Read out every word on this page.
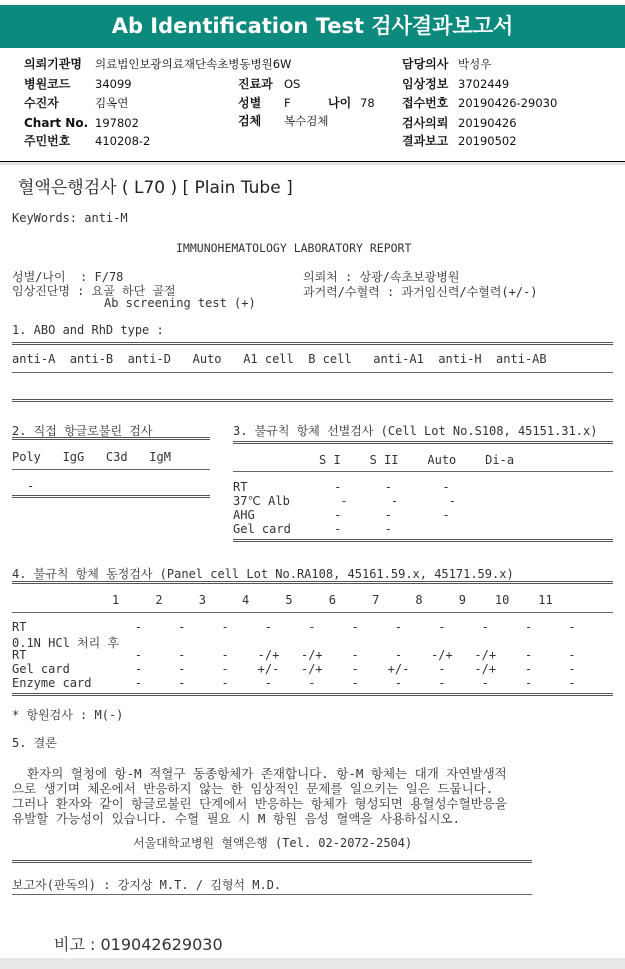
Ab Identification Test 검사결과보고서
의뢰기관명 의료법인보광의료재단속초병동병원6W	담당의사 박성우
병원코드 34099	진료과 OS	임상정보 3702449
수진자	김옥연	성별 F	나이 78 접수번호 20190426-29030
Chart No. 197802	검체 복수검체	검사의뢰 20190426
주민번호 410208-2	결과보고 20190502
혈액은행검사 ( L70 ) [ Plain Tube ]
KeyWords: anti-M
IMMUNOHEMATOLOGY LABORATORY REPORT
성별/나이  : F/78
임상진단명 : 요골 하단 골절
Ab screening test (+)
의뢰처 : 상광/속초보광병원
과거력/수혈력 : 과거임신력/수혈력(+/-)
1. ABO and RhD type :
anti-A  anti-B  anti-D   Auto   A1 cell  B cell   anti-A1  anti-H  anti-AB
2. 직접 항글로불린 검사
Poly   IgG   C3d   IgM
-
3. 불규칙 항체 선별검사 (Cell Lot No.S108, 45151.31.x)
S I    S II    Auto    Di-a
RT            -      -       -
37℃ Alb       -      -       -
AHG           -      -       -
Gel card      -      -
4. 불규칙 항체 동정검사 (Panel cell Lot No.RA108, 45161.59.x, 45171.59.x)
1     2     3     4     5     6     7     8     9    10    11
RT               -     -     -     -     -     -     -     -     -     -     -
0.1N HCl 처리 후
RT               -     -     -    -/+   -/+    -     -    -/+   -/+    -     -
Gel card         -     -     -    +/-   -/+    -    +/-    -    -/+    -     -
Enzyme card      -     -     -     -     -     -     -     -     -     -     -
* 항원검사 : M(-)
5. 결론
환자의 혈청에 항-M 적혈구 동종항체가 존재합니다. 항-M 항체는 대개 자연발생적
으로 생기며 체온에서 반응하지 않는 한 임상적인 문제를 일으키는 일은 드뭅니다.
그러나 환자와 같이 항글로불린 단계에서 반응하는 항체가 형성되면 용혈성수혈반응을
유발할 가능성이 있습니다. 수혈 필요 시 M 항원 음성 혈액을 사용하십시오.
서울대학교병원 혈액은행 (Tel. 02-2072-2504)
보고자(판독의) : 강지상 M.T. / 김형석 M.D.
비고 : 019042629030
